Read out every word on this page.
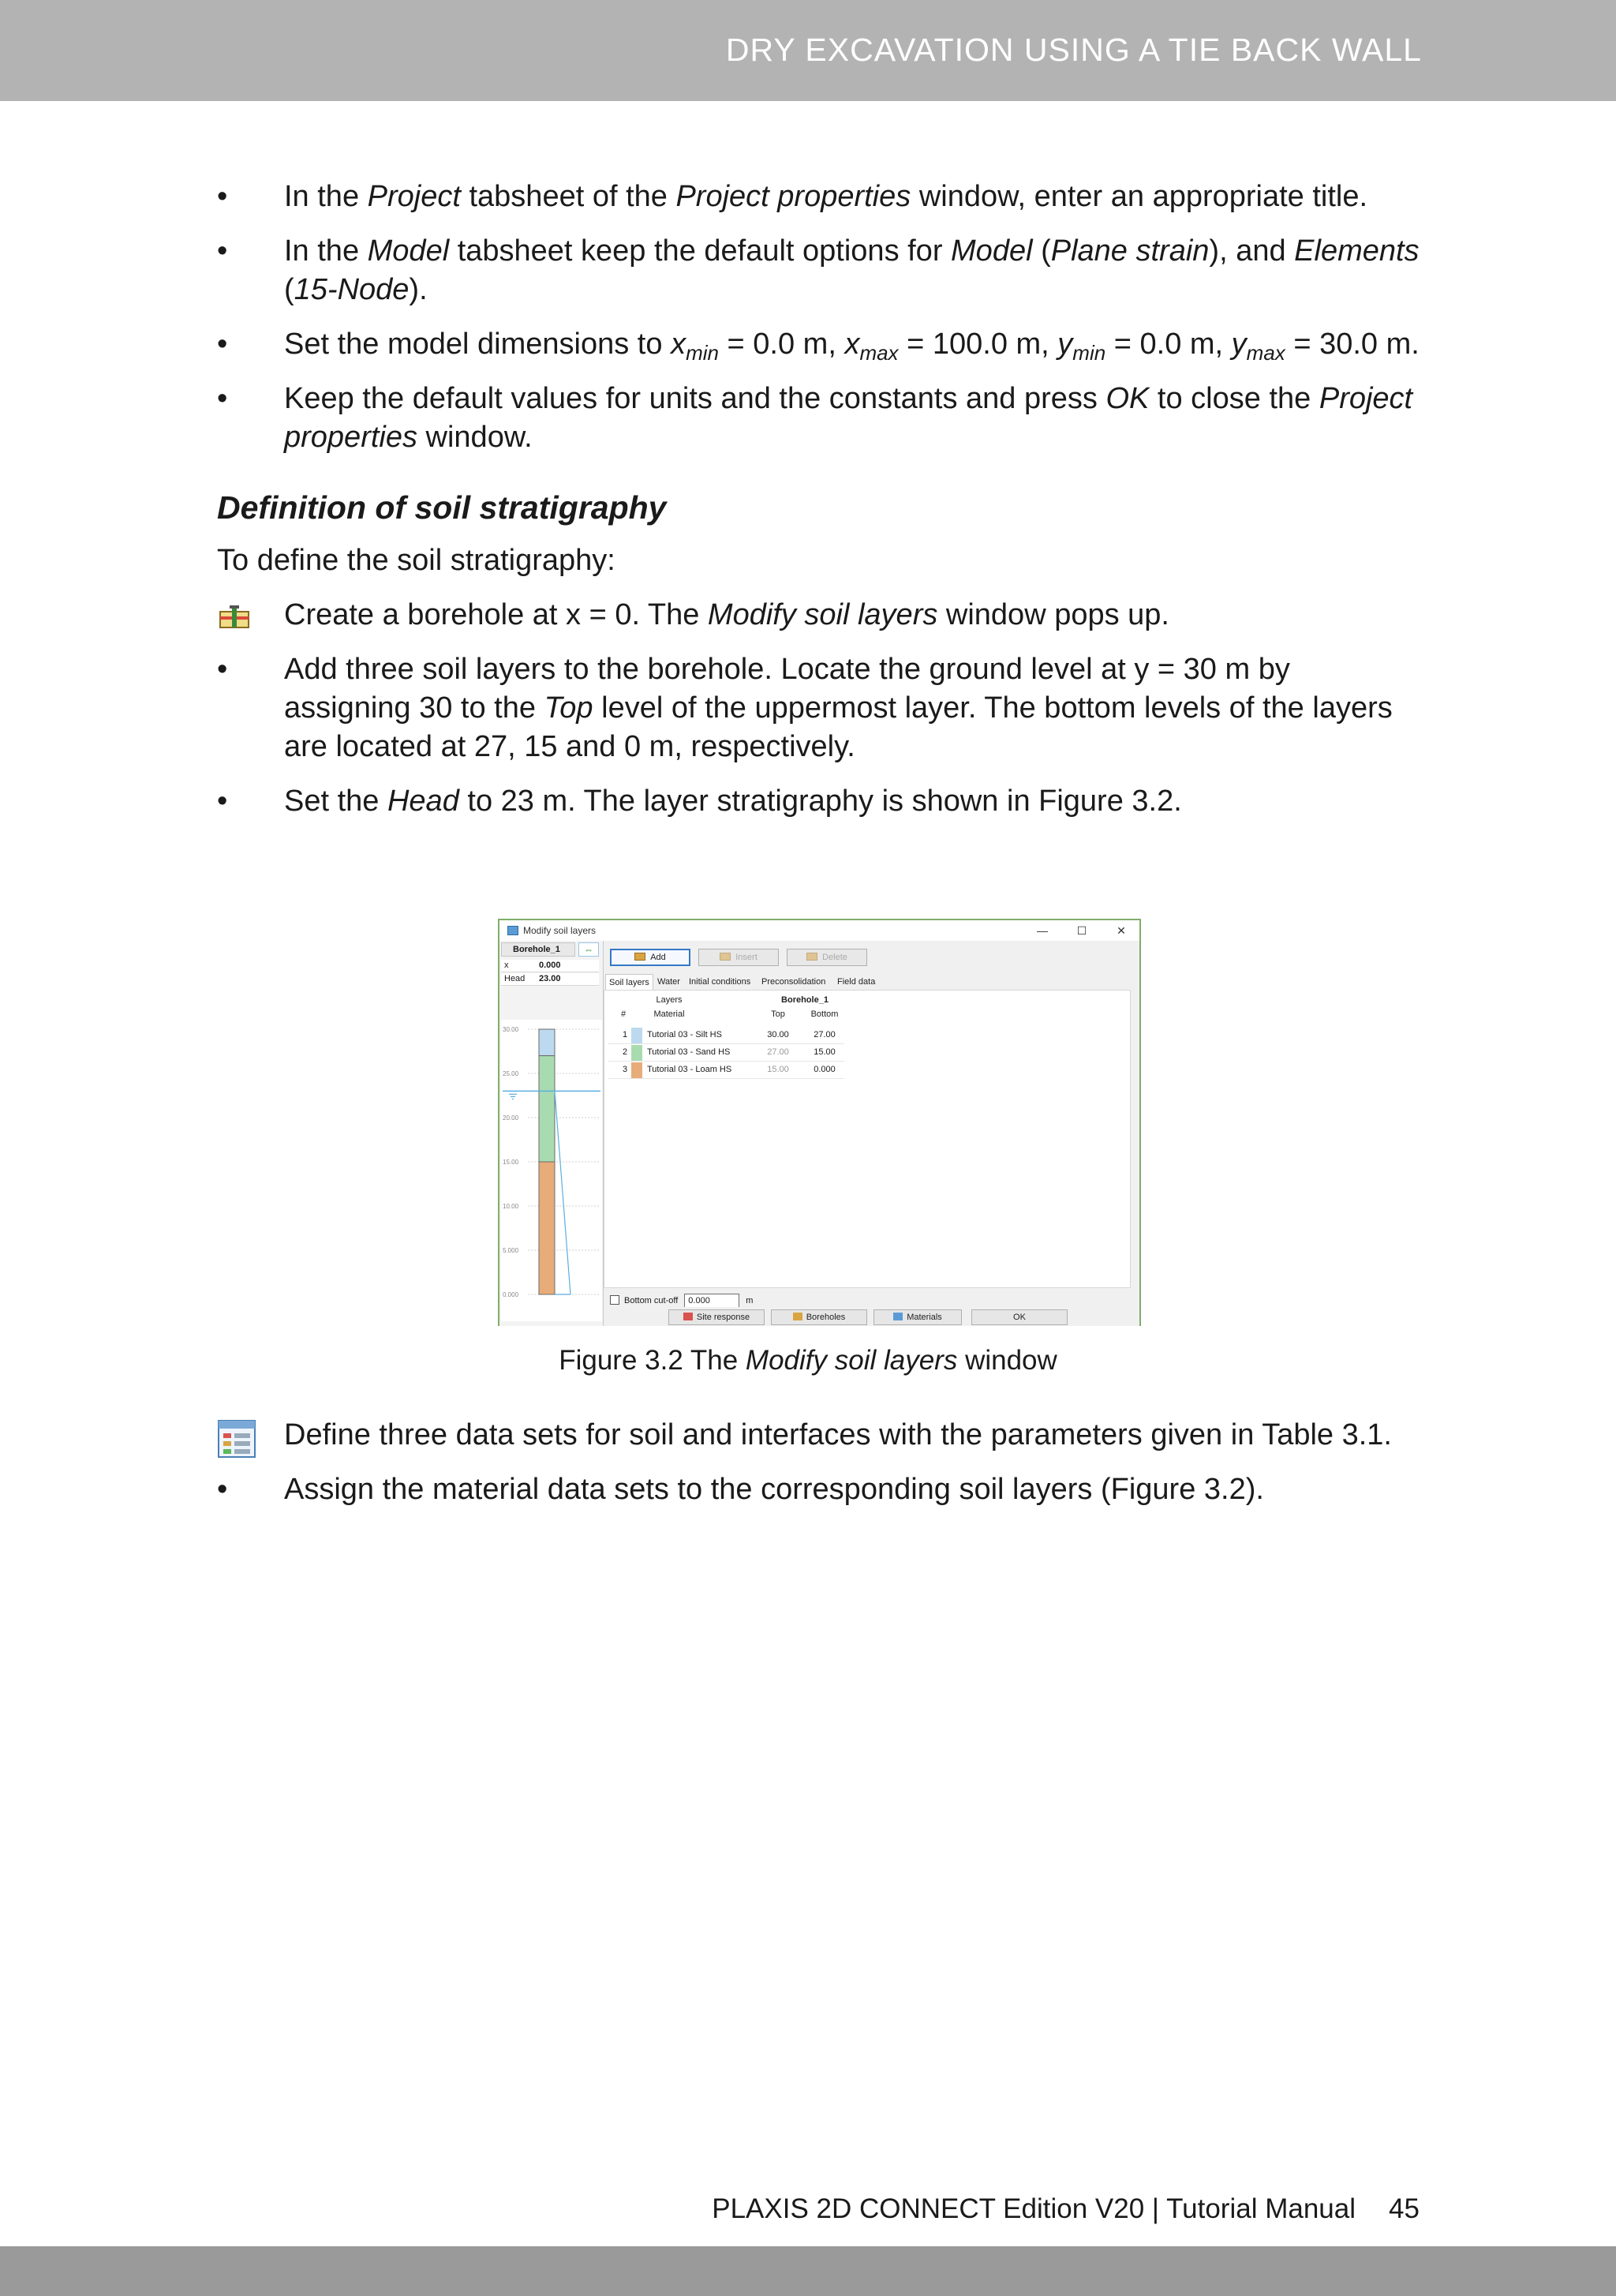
DRY EXCAVATION USING A TIE BACK WALL
• In the Project tabsheet of the Project properties window, enter an appropriate title.
• In the Model tabsheet keep the default options for Model (Plane strain), and Elements (15-Node).
• Set the model dimensions to $x_{min} = 0.0$ m, $x_{max} = 100.0$ m, $y_{min} = 0.0$ m, $y_{max} = 30.0$ m.
• Keep the default values for units and the constants and press OK to close the Project properties window.
Definition of soil stratigraphy
To define the soil stratigraphy:
Create a borehole at x = 0. The Modify soil layers window pops up.
• Add three soil layers to the borehole. Locate the ground level at y = 30 m by assigning 30 to the Top level of the uppermost layer. The bottom levels of the layers are located at 27, 15 and 0 m, respectively.
• Set the Head to 23 m. The layer stratigraphy is shown in Figure 3.2.
Modify soil layers	—	☐	✕
Borehole_1	⇔
x	0.000
Head 23.00
30.00
25.00
20.00
15.00
10.00
5.000
0.000
Add	Insert	Delete
Soil layers Water	Initial conditions	Preconsolidation	Field data
Layers	Borehole_1
#	Material	Top	Bottom
1 Tutorial 03 - Silt HS	30.00	27.00
2 Tutorial 03 - Sand HS	27.00	15.00
3 Tutorial 03 - Loam HS	15.00	0.000
Bottom cut-off 0.000	m
Site response	Boreholes	Materials	OK
Figure 3.2 The Modify soil layers window
Define three data sets for soil and interfaces with the parameters given in Table 3.1.
• Assign the material data sets to the corresponding soil layers (Figure 3.2).
PLAXIS 2D CONNECT Edition V20 | Tutorial Manual 45
